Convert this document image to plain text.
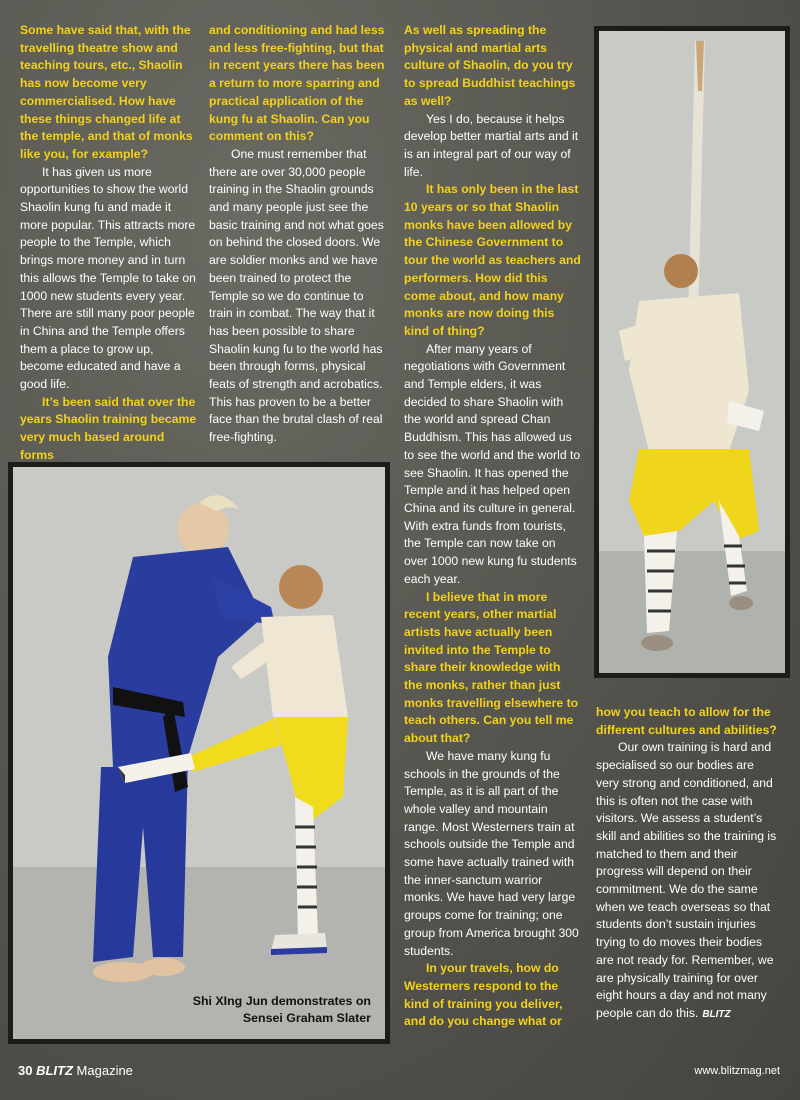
Some have said that, with the travelling theatre show and teaching tours, etc., Shaolin has now become very commercialised. How have these things changed life at the temple, and that of monks like you, for example?

It has given us more opportunities to show the world Shaolin kung fu and made it more popular. This attracts more people to the Temple, which brings more money and in turn this allows the Temple to take on 1000 new students every year. There are still many poor people in China and the Temple offers them a place to grow up, become educated and have a good life.

It’s been said that over the years Shaolin training became very much based around forms

and conditioning and had less and less free-fighting, but that in recent years there has been a return to more sparring and practical application of the kung fu at Shaolin. Can you comment on this?

One must remember that there are over 30,000 people training in the Shaolin grounds and many people just see the basic training and not what goes on behind the closed doors. We are soldier monks and we have been trained to protect the Temple so we do continue to train in combat. The way that it has been possible to share Shaolin kung fu to the world has been through forms, physical feats of strength and acrobatics. This has proven to be a better face than the brutal clash of real free-fighting.

As well as spreading the physical and martial arts culture of Shaolin, do you try to spread Buddhist teachings as well?

Yes I do, because it helps develop better martial arts and it is an integral part of our way of life.

It has only been in the last 10 years or so that Shaolin monks have been allowed by the Chinese Government to tour the world as teachers and performers. How did this come about, and how many monks are now doing this kind of thing?

After many years of negotiations with Government and Temple elders, it was decided to share Shaolin with the world and spread Chan Buddhism. This has allowed us to see the world and the world to see Shaolin. It has opened the Temple and it has helped open China and its culture in general. With extra funds from tourists, the Temple can now take on over 1000 new kung fu students each year.

I believe that in more recent years, other martial artists have actually been invited into the Temple to share their knowledge with the monks, rather than just monks travelling elsewhere to teach others. Can you tell me about that?

We have many kung fu schools in the grounds of the Temple, as it is all part of the whole valley and mountain range. Most Westerners train at schools outside the Temple and some have actually trained with the inner-sanctum warrior monks. We have had very large groups come for training; one group from America brought 300 students.

In your travels, how do Westerners respond to the kind of training you deliver, and do you change what or

how you teach to allow for the different cultures and abilities?

Our own training is hard and specialised so our bodies are very strong and conditioned, and this is often not the case with visitors. We assess a student’s skill and abilities so the training is matched to them and their progress will depend on their commitment. We do the same when we teach overseas so that students don’t sustain injuries trying to do moves their bodies are not ready for. Remember, we are physically training for over eight hours a day and not many people can do this. BLITZ

Shi XIng Jun demonstrates on
Sensei Graham Slater
30 BLITZ Magazine	www.blitzmag.net
